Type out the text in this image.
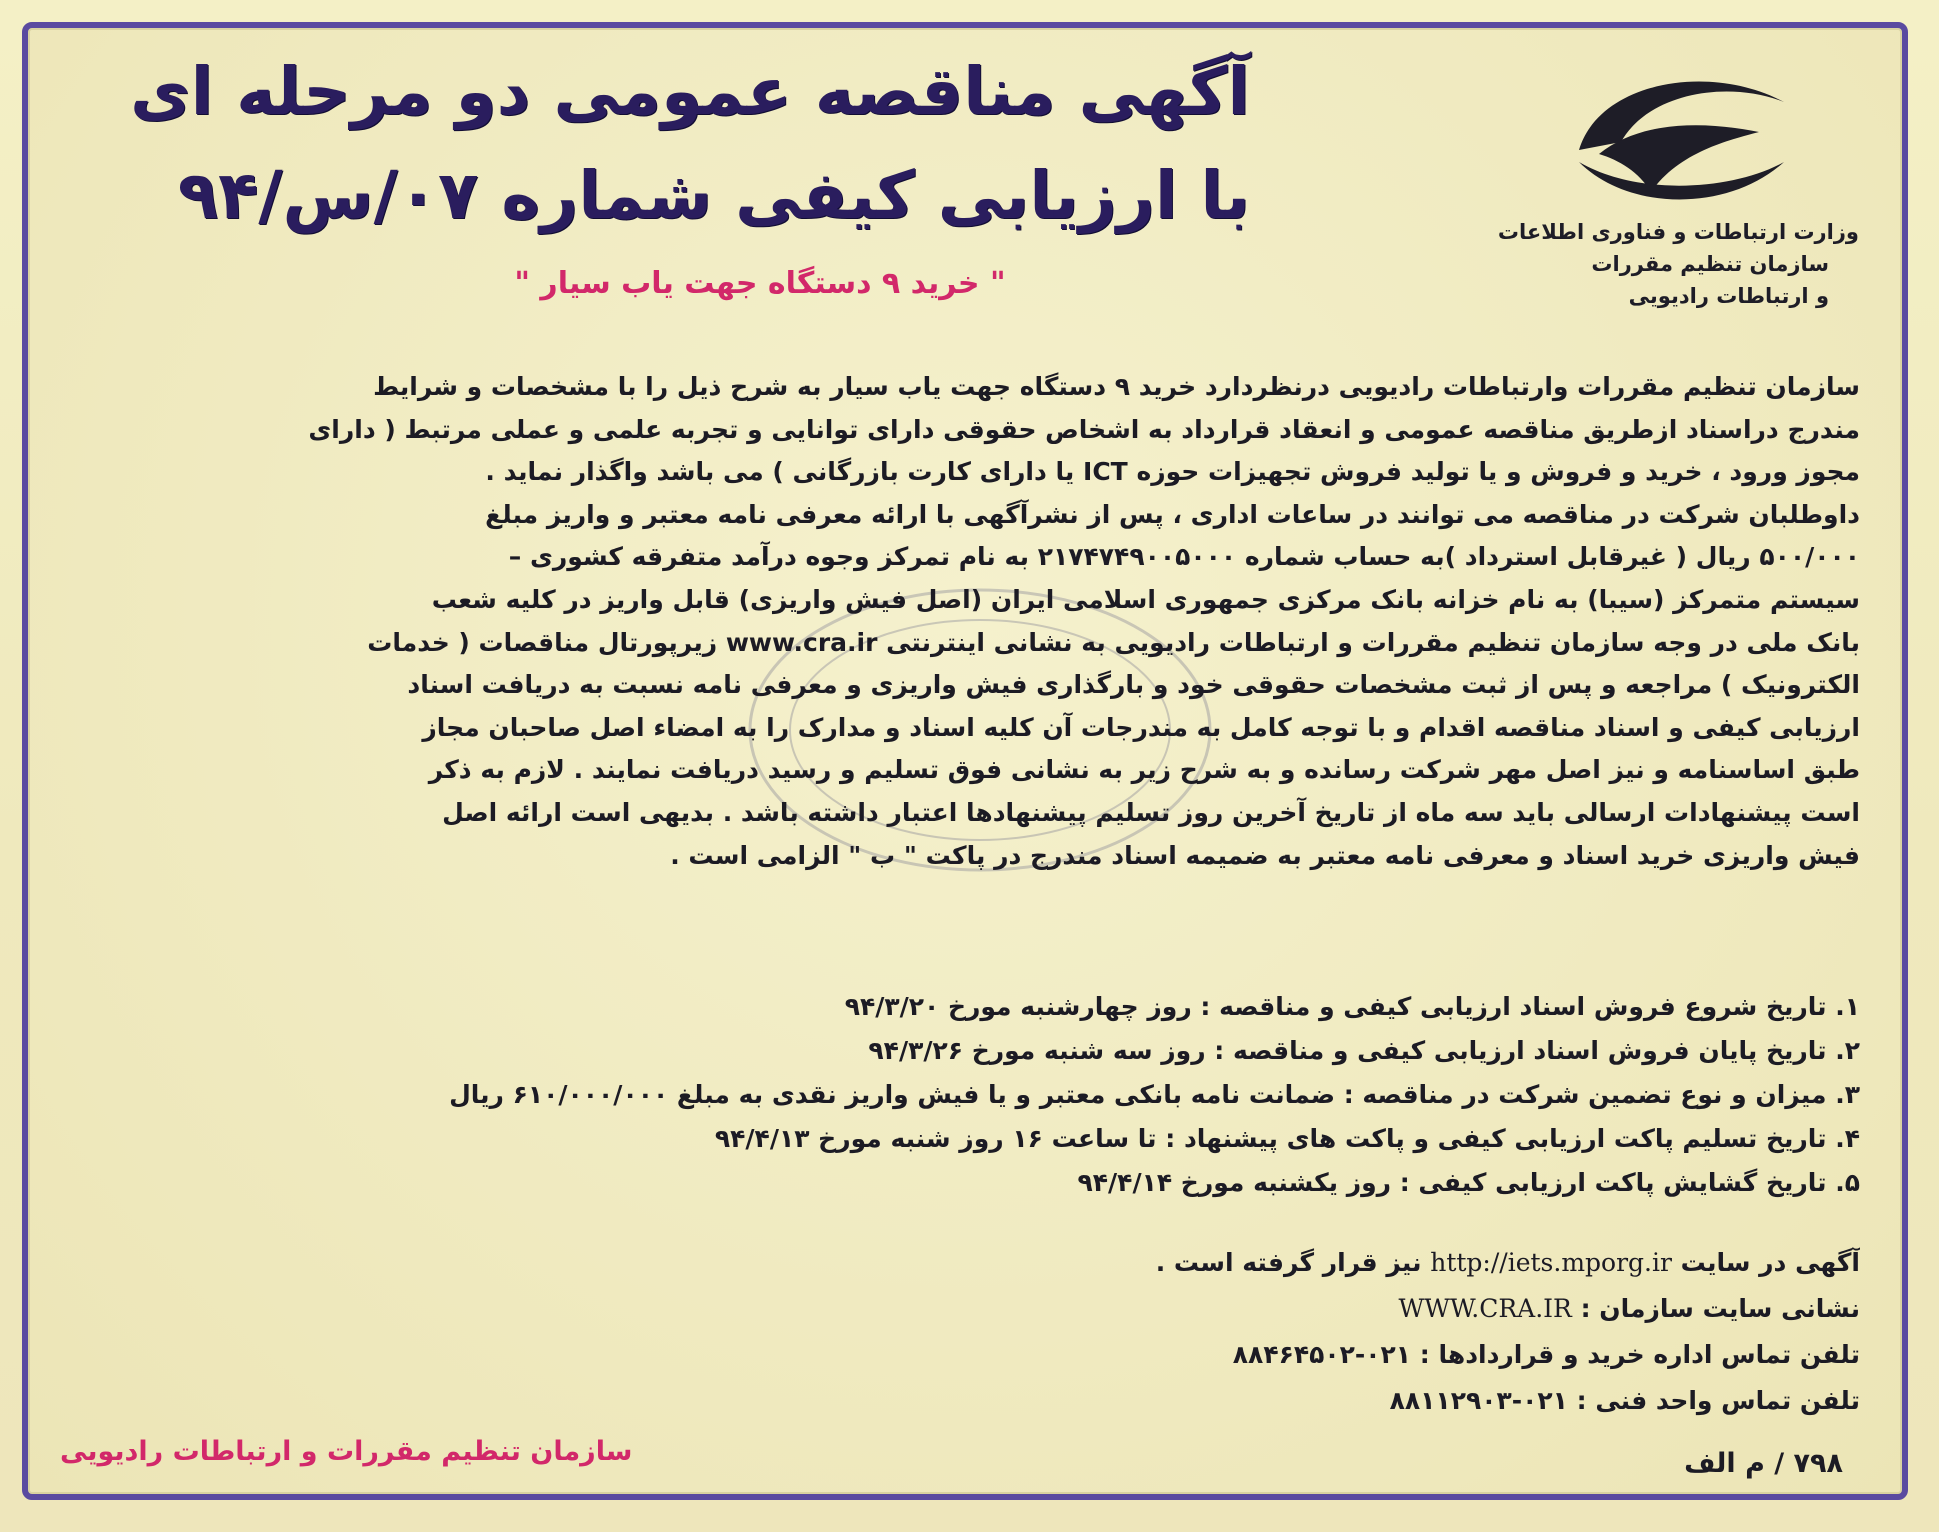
وزارت ارتباطات و فناوری اطلاعات
سازمان تنظیم مقررات
و ارتباطات رادیویی
آگهی مناقصه عمومی دو مرحله ای
با ارزیابی کیفی شماره ۰۷/س/۹۴
" خرید ۹ دستگاه جهت یاب سیار "
سازمان تنظیم مقررات وارتباطات رادیویی درنظردارد خرید ۹ دستگاه جهت یاب سیار به شرح ذیل را با مشخصات و شرایط
مندرج دراسناد ازطریق مناقصه عمومی و انعقاد قرارداد به اشخاص حقوقی دارای توانایی و تجربه علمی و عملی مرتبط ( دارای
مجوز ورود ، خرید و فروش و یا تولید فروش تجهیزات حوزه ICT یا دارای کارت بازرگانی ) می باشد واگذار نماید .
داوطلبان شرکت در مناقصه می توانند در ساعات اداری ، پس از نشرآگهی با ارائه معرفی نامه معتبر و واریز مبلغ
۵۰۰/۰۰۰ ریال ( غیرقابل استرداد )به حساب شماره ۲۱۷۴۷۴۹۰۰۵۰۰۰ به نام تمرکز وجوه درآمد متفرقه کشوری –
سیستم متمرکز (سیبا) به نام خزانه بانک مرکزی جمهوری اسلامی ایران (اصل فیش واریزی) قابل واریز در کلیه شعب
بانک ملی در وجه سازمان تنظیم مقررات و ارتباطات رادیویی به نشانی اینترنتی www.cra.ir زیرپورتال مناقصات ( خدمات
الکترونیک ) مراجعه و پس از ثبت مشخصات حقوقی خود و بارگذاری فیش واریزی و معرفی نامه نسبت به دریافت اسناد
ارزیابی کیفی و اسناد مناقصه اقدام و با توجه کامل به مندرجات آن کلیه اسناد و مدارک را به امضاء اصل صاحبان مجاز
طبق اساسنامه و نیز اصل مهر شرکت رسانده و به شرح زیر به نشانی فوق تسلیم و رسید دریافت نمایند . لازم به ذکر
است پیشنهادات ارسالی باید سه ماه از تاریخ آخرین روز تسلیم پیشنهادها اعتبار داشته باشد . بدیهی است ارائه اصل
فیش واریزی خرید اسناد و معرفی نامه معتبر به ضمیمه اسناد مندرج در پاکت " ب " الزامی است .
۱. تاریخ شروع فروش اسناد ارزیابی کیفی و مناقصه : روز چهارشنبه مورخ ۹۴/۳/۲۰
۲. تاریخ پایان فروش اسناد ارزیابی کیفی و مناقصه : روز سه شنبه مورخ ۹۴/۳/۲۶
۳. میزان و نوع تضمین شرکت در مناقصه : ضمانت نامه بانکی معتبر و یا فیش واریز نقدی به مبلغ ۶۱۰/۰۰۰/۰۰۰ ریال
۴. تاریخ تسلیم پاکت ارزیابی کیفی و پاکت های پیشنهاد : تا ساعت ۱۶ روز شنبه مورخ ۹۴/۴/۱۳
۵. تاریخ گشایش پاکت ارزیابی کیفی : روز یکشنبه مورخ ۹۴/۴/۱۴
آگهی در سایت http://iets.mporg.ir نیز قرار گرفته است .
نشانی سایت سازمان : WWW.CRA.IR
تلفن تماس اداره خرید و قراردادها : ۰۲۱-۸۸۴۶۴۵۰۲
تلفن تماس واحد فنی : ۰۲۱-۸۸۱۱۲۹۰۳
سازمان تنظیم مقررات و ارتباطات رادیویی	۷۹۸ / م الف
